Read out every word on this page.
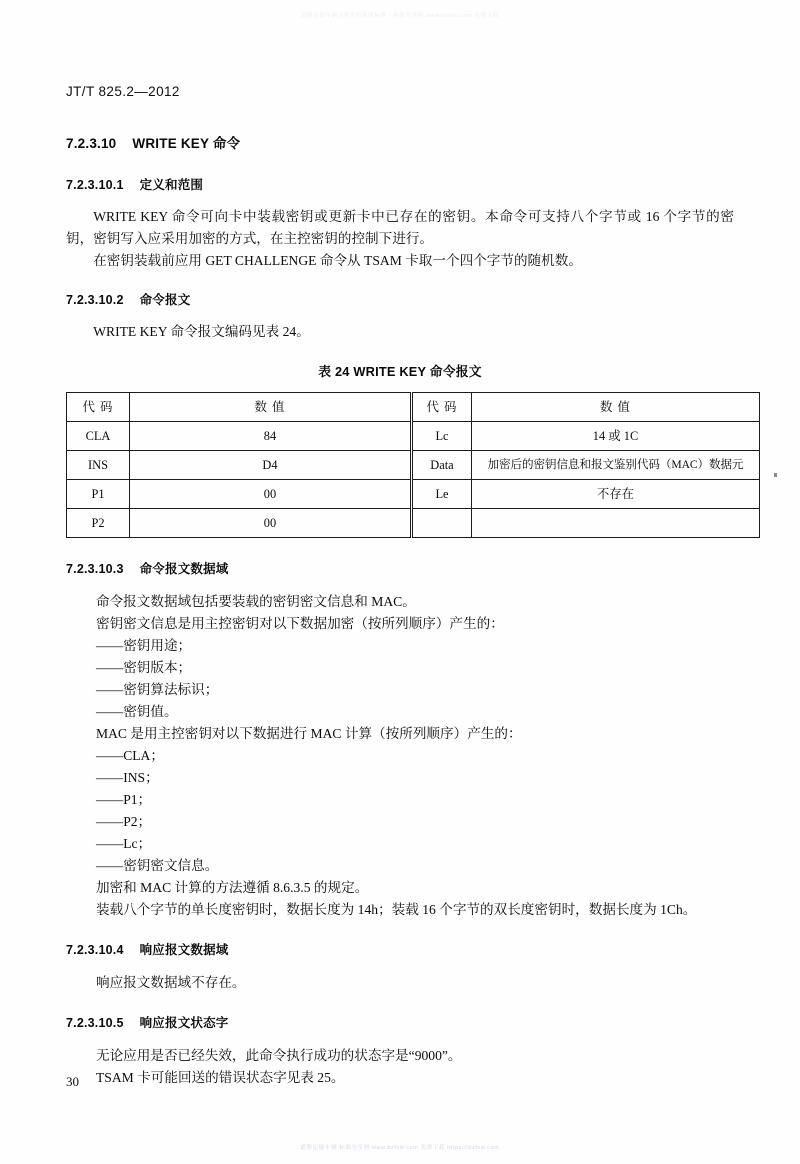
道路运输车辆卫星定位系统标准 · 标准分享网 www.bzfxw.com 免费下载
JT/T 825.2—2012
7.2.3.10 WRITE KEY 命令
7.2.3.10.1 定义和范围

WRITE KEY 命令可向卡中装载密钥或更新卡中已存在的密钥。本命令可支持八个字节或 16 个字节的密钥，密钥写入应采用加密的方式，在主控密钥的控制下进行。

在密钥装载前应用 GET CHALLENGE 命令从 TSAM 卡取一个四个字节的随机数。

7.2.3.10.2 命令报文

WRITE KEY 命令报文编码见表 24。

表 24 WRITE KEY 命令报文
代 码	数 值	代 码	数 值
CLA	84	Lc	14 或 1C
INS	D4	Data	加密后的密钥信息和报文鉴别代码（MAC）数据元
P1	00	Le	不存在
P2	00		
7.2.3.10.3 命令报文数据域

命令报文数据域包括要装载的密钥密文信息和 MAC。

密钥密文信息是用主控密钥对以下数据加密（按所列顺序）产生的：

——密钥用途；
——密钥版本；
——密钥算法标识；
——密钥值。

MAC 是用主控密钥对以下数据进行 MAC 计算（按所列顺序）产生的：

——CLA；
——INS；
——P1；
——P2；
——Lc；
——密钥密文信息。

加密和 MAC 计算的方法遵循 8.6.3.5 的规定。

装载八个字节的单长度密钥时，数据长度为 14h；装载 16 个字节的双长度密钥时，数据长度为 1Ch。

7.2.3.10.4 响应报文数据域

响应报文数据域不存在。

7.2.3.10.5 响应报文状态字

无论应用是否已经失效，此命令执行成功的状态字是“9000”。

TSAM 卡可能回送的错误状态字见表 25。

30
道路运输车辆 标准分享网 www.bzfxw.com 免费下载 https://bzfxw.com
